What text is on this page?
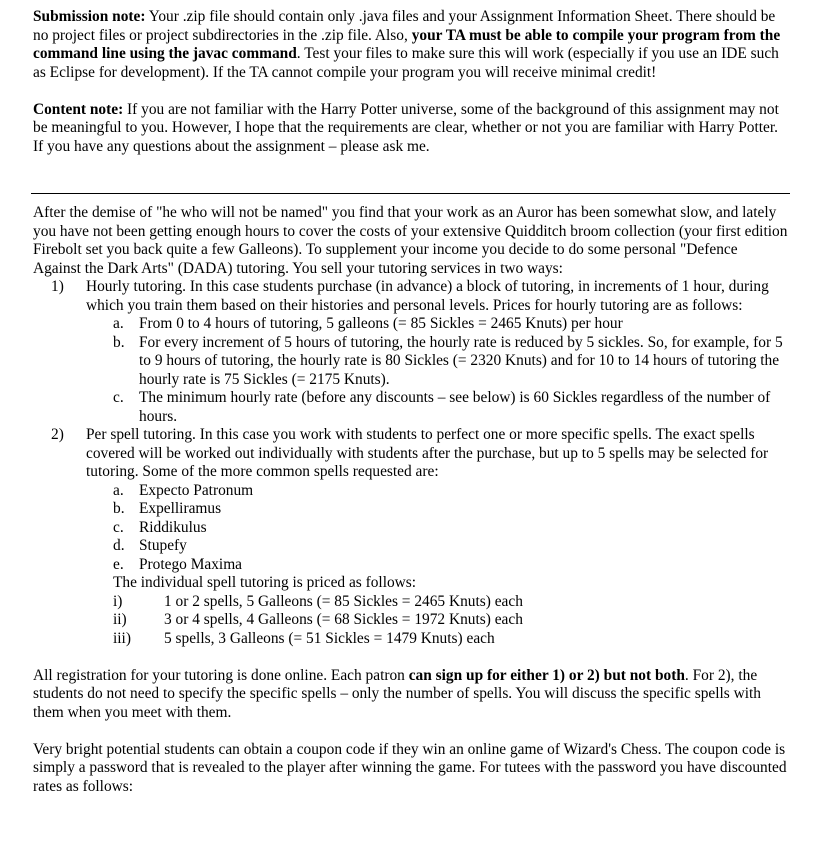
Submission note: Your .zip file should contain only .java files and your Assignment Information Sheet. There should be no project files or project subdirectories in the .zip file. Also, your TA must be able to compile your program from the command line using the javac command. Test your files to make sure this will work (especially if you use an IDE such as Eclipse for development). If the TA cannot compile your program you will receive minimal credit!

Content note: If you are not familiar with the Harry Potter universe, some of the background of this assignment may not be meaningful to you. However, I hope that the requirements are clear, whether or not you are familiar with Harry Potter. If you have any questions about the assignment – please ask me.

After the demise of "he who will not be named" you find that your work as an Auror has been somewhat slow, and lately you have not been getting enough hours to cover the costs of your extensive Quidditch broom collection (your first edition Firebolt set you back quite a few Galleons). To supplement your income you decide to do some personal "Defence Against the Dark Arts" (DADA) tutoring. You sell your tutoring services in two ways:

1) Hourly tutoring. In this case students purchase (in advance) a block of tutoring, in increments of 1 hour, during which you train them based on their histories and personal levels. Prices for hourly tutoring are as follows:
a. From 0 to 4 hours of tutoring, 5 galleons (= 85 Sickles = 2465 Knuts) per hour
b. For every increment of 5 hours of tutoring, the hourly rate is reduced by 5 sickles. So, for example, for 5 to 9 hours of tutoring, the hourly rate is 80 Sickles (= 2320 Knuts) and for 10 to 14 hours of tutoring the hourly rate is 75 Sickles (= 2175 Knuts).
c. The minimum hourly rate (before any discounts – see below) is 60 Sickles regardless of the number of hours.
2) Per spell tutoring. In this case you work with students to perfect one or more specific spells. The exact spells covered will be worked out individually with students after the purchase, but up to 5 spells may be selected for tutoring. Some of the more common spells requested are:
a. Expecto Patronum
b. Expelliramus
c. Riddikulus
d. Stupefy
e. Protego Maxima

The individual spell tutoring is priced as follows:

i)	1 or 2 spells, 5 Galleons (= 85 Sickles = 2465 Knuts) each
ii) 3 or 4 spells, 4 Galleons (= 68 Sickles = 1972 Knuts) each
iii) 5 spells, 3 Galleons (= 51 Sickles = 1479 Knuts) each

All registration for your tutoring is done online. Each patron can sign up for either 1) or 2) but not both. For 2), the students do not need to specify the specific spells – only the number of spells. You will discuss the specific spells with them when you meet with them.

Very bright potential students can obtain a coupon code if they win an online game of Wizard's Chess. The coupon code is simply a password that is revealed to the player after winning the game. For tutees with the password you have discounted rates as follows:
